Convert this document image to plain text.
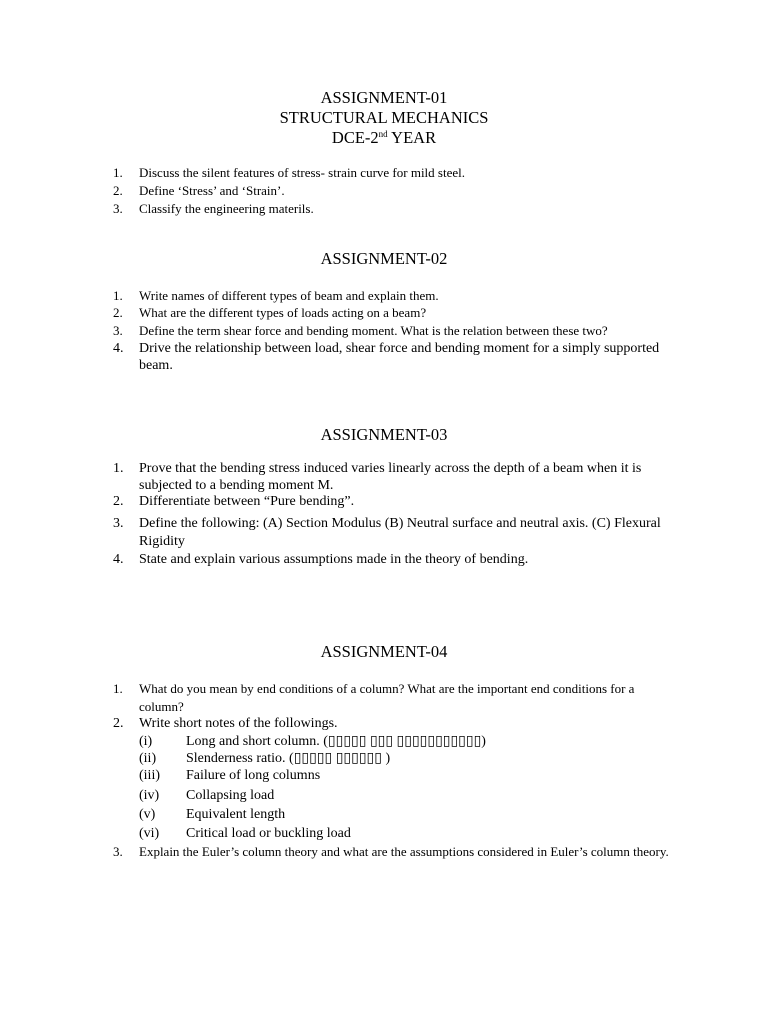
ASSIGNMENT-01
STRUCTURAL MECHANICS
DCE-2nd YEAR
1. Discuss the silent features of stress- strain curve for mild steel.
2. Define ‘Stress’ and ‘Strain’.
3. Classify the engineering materils.
ASSIGNMENT-02
1. Write names of different types of beam and explain them.
2. What are the different types of loads acting on a beam?
3. Define the term shear force and bending moment. What is the relation between these two?
4. Drive the relationship between load, shear force and bending moment for a simply supported beam.
ASSIGNMENT-03
1. Prove that the bending stress induced varies linearly across the depth of a beam when it is subjected to a bending moment M.
2. Differentiate between “Pure bending”.
3. Define the following: (A) Section Modulus (B) Neutral surface and neutral axis. (C) Flexural Rigidity
4. State and explain various assumptions made in the theory of bending.
ASSIGNMENT-04
1. What do you mean by end conditions of a column? What are the important end conditions for a column?
2. Write short notes of the followings.
(i) Long and short column. (▯▯▯▯▯ ▯▯▯ ▯▯▯▯▯▯▯▯▯▯▯)
(ii) Slenderness ratio. (▯▯▯▯▯ ▯▯▯▯▯▯ )
(iii) Failure of long columns
(iv) Collapsing load
(v) Equivalent length
(vi) Critical load or buckling load
3. Explain the Euler’s column theory and what are the assumptions considered in Euler’s column theory.
